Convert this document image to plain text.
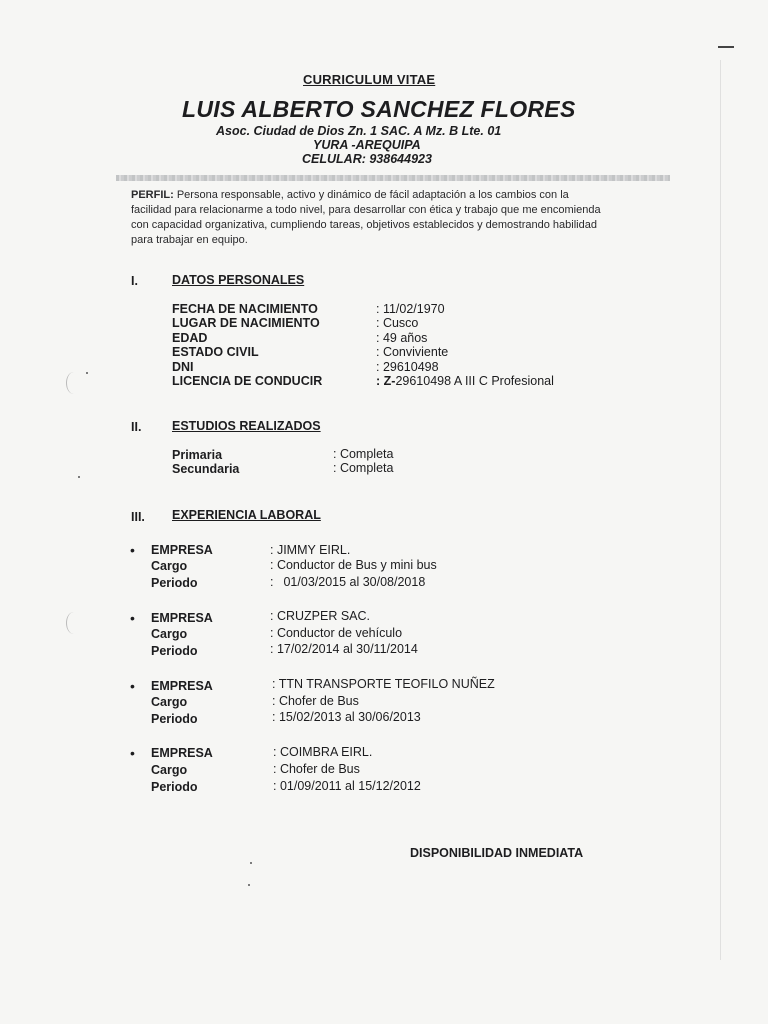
CURRICULUM VITAE
LUIS ALBERTO SANCHEZ FLORES
Asoc. Ciudad de Dios Zn. 1 SAC. A Mz. B Lte. 01
YURA -AREQUIPA
CELULAR: 938644923
PERFIL: Persona responsable, activo y dinámico de fácil adaptación a los cambios con la facilidad para relacionarme a todo nivel, para desarrollar con ética y trabajo que me encomienda con capacidad organizativa, cumpliendo tareas, objetivos establecidos y demostrando habilidad para trabajar en equipo.
I.	DATOS PERSONALES
FECHA DE NACIMIENTO	: 11/02/1970
LUGAR DE NACIMIENTO	: Cusco
EDAD	: 49 años
ESTADO CIVIL	: Conviviente
DNI	: 29610498
LICENCIA DE CONDUCIR	: Z-29610498 A III C Profesional
II. ESTUDIOS REALIZADOS
Primaria	: Completa
Secundaria	: Completa
III. EXPERIENCIA LABORAL
• EMPRESA	: JIMMY EIRL.
Cargo	: Conductor de Bus y mini bus
Periodo	: 01/03/2015 al 30/08/2018
• EMPRESA	: CRUZPER SAC.
Cargo	: Conductor de vehículo
Periodo	: 17/02/2014 al 30/11/2014
• EMPRESA	: TTN TRANSPORTE TEOFILO NUÑEZ
Cargo	: Chofer de Bus
Periodo	: 15/02/2013 al 30/06/2013
• EMPRESA	: COIMBRA EIRL.
Cargo	: Chofer de Bus
Periodo	: 01/09/2011 al 15/12/2012
DISPONIBILIDAD INMEDIATA
